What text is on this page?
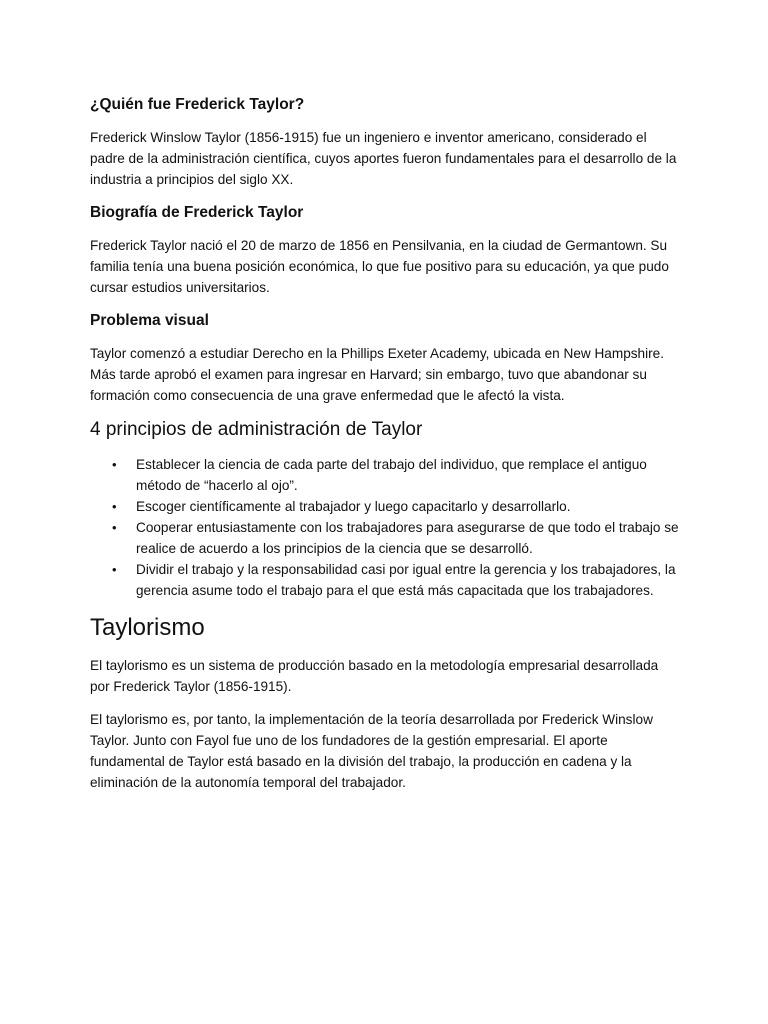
¿Quién fue Frederick Taylor?

Frederick Winslow Taylor (1856-1915) fue un ingeniero e inventor americano, considerado el padre de la administración científica, cuyos aportes fueron fundamentales para el desarrollo de la industria a principios del siglo XX.

Biografía de Frederick Taylor

Frederick Taylor nació el 20 de marzo de 1856 en Pensilvania, en la ciudad de Germantown. Su familia tenía una buena posición económica, lo que fue positivo para su educación, ya que pudo cursar estudios universitarios.

Problema visual

Taylor comenzó a estudiar Derecho en la Phillips Exeter Academy, ubicada en New Hampshire. Más tarde aprobó el examen para ingresar en Harvard; sin embargo, tuvo que abandonar su formación como consecuencia de una grave enfermedad que le afectó la vista.

4 principios de administración de Taylor
• Establecer la ciencia de cada parte del trabajo del individuo, que remplace el antiguo método de “hacerlo al ojo”.
• Escoger científicamente al trabajador y luego capacitarlo y desarrollarlo.
• Cooperar entusiastamente con los trabajadores para asegurarse de que todo el trabajo se realice de acuerdo a los principios de la ciencia que se desarrolló.
• Dividir el trabajo y la responsabilidad casi por igual entre la gerencia y los trabajadores, la gerencia asume todo el trabajo para el que está más capacitada que los trabajadores.
Taylorismo

El taylorismo es un sistema de producción basado en la metodología empresarial desarrollada por Frederick Taylor (1856-1915).

El taylorismo es, por tanto, la implementación de la teoría desarrollada por Frederick Winslow Taylor. Junto con Fayol fue uno de los fundadores de la gestión empresarial. El aporte fundamental de Taylor está basado en la división del trabajo, la producción en cadena y la eliminación de la autonomía temporal del trabajador.
